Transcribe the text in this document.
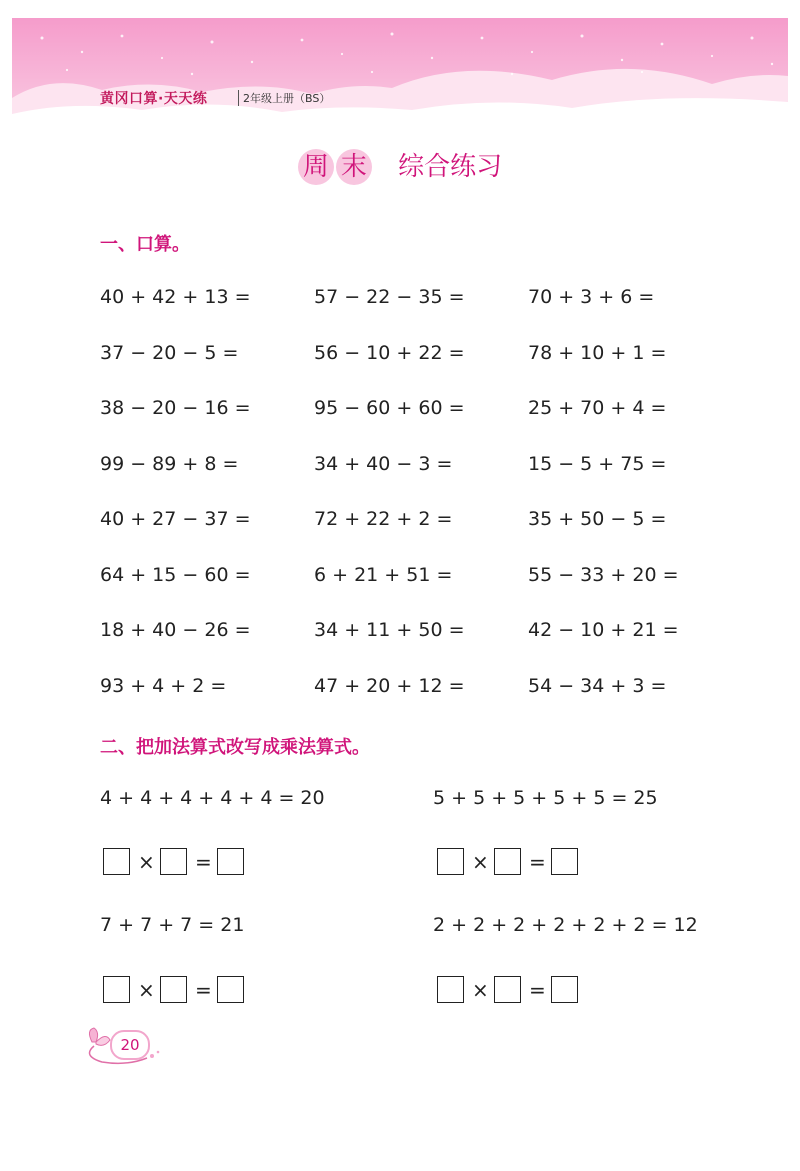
黄冈口算·天天练	2年级上册（BS）
周 末 综合练习
一、口算。
40 + 42 + 13 =	57 − 22 − 35 =	70 + 3 + 6 =
37 − 20 − 5 =	56 − 10 + 22 =	78 + 10 + 1 =
38 − 20 − 16 =	95 − 60 + 60 =	25 + 70 + 4 =
99 − 89 + 8 =	34 + 40 − 3 =	15 − 5 + 75 =
40 + 27 − 37 =	72 + 22 + 2 =	35 + 50 − 5 =
64 + 15 − 60 =	6 + 21 + 51 =	55 − 33 + 20 =
18 + 40 − 26 =	34 + 11 + 50 =	42 − 10 + 21 =
93 + 4 + 2 =	47 + 20 + 12 =	54 − 34 + 3 =
二、把加法算式改写成乘法算式。
4 + 4 + 4 + 4 + 4 = 20	5 + 5 + 5 + 5 + 5 = 25
× =	× =
7 + 7 + 7 = 21	2 + 2 + 2 + 2 + 2 + 2 = 12
× =	× =
20
